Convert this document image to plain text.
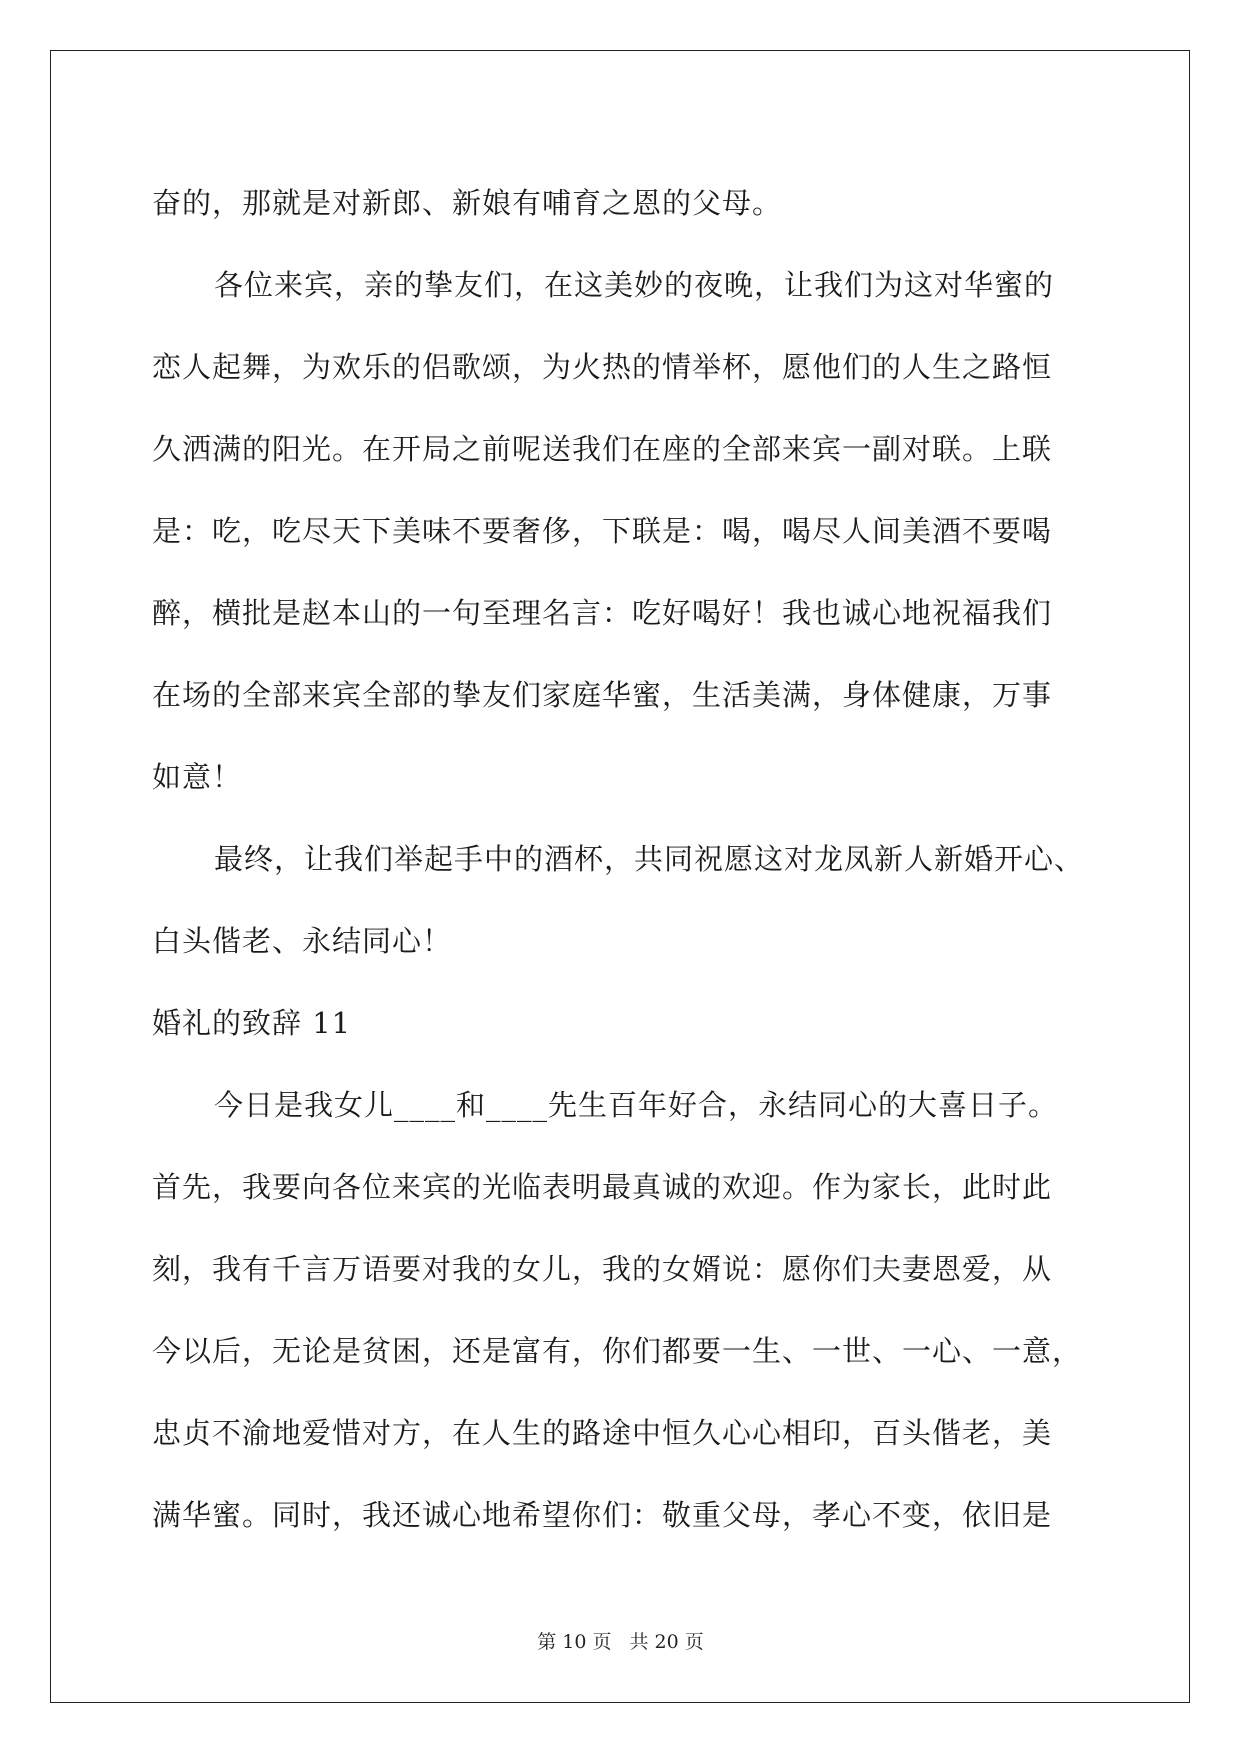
奋的，那就是对新郎、新娘有哺育之恩的父母。
各位来宾，亲的挚友们，在这美妙的夜晚，让我们为这对华蜜的
恋人起舞，为欢乐的侣歌颂，为火热的情举杯，愿他们的人生之路恒
久洒满的阳光。在开局之前呢送我们在座的全部来宾一副对联。上联
是：吃，吃尽天下美味不要奢侈，下联是：喝，喝尽人间美酒不要喝
醉，横批是赵本山的一句至理名言：吃好喝好！我也诚心地祝福我们
在场的全部来宾全部的挚友们家庭华蜜，生活美满，身体健康，万事
如意！
最终，让我们举起手中的酒杯，共同祝愿这对龙凤新人新婚开心、
白头偕老、永结同心！
婚礼的致辞 11
今日是我女儿____和____先生百年好合，永结同心的大喜日子。
首先，我要向各位来宾的光临表明最真诚的欢迎。作为家长，此时此
刻，我有千言万语要对我的女儿，我的女婿说：愿你们夫妻恩爱，从
今以后，无论是贫困，还是富有，你们都要一生、一世、一心、一意，
忠贞不渝地爱惜对方，在人生的路途中恒久心心相印，百头偕老，美
满华蜜。同时，我还诚心地希望你们：敬重父母，孝心不变，依旧是
第 10 页 共 20 页
